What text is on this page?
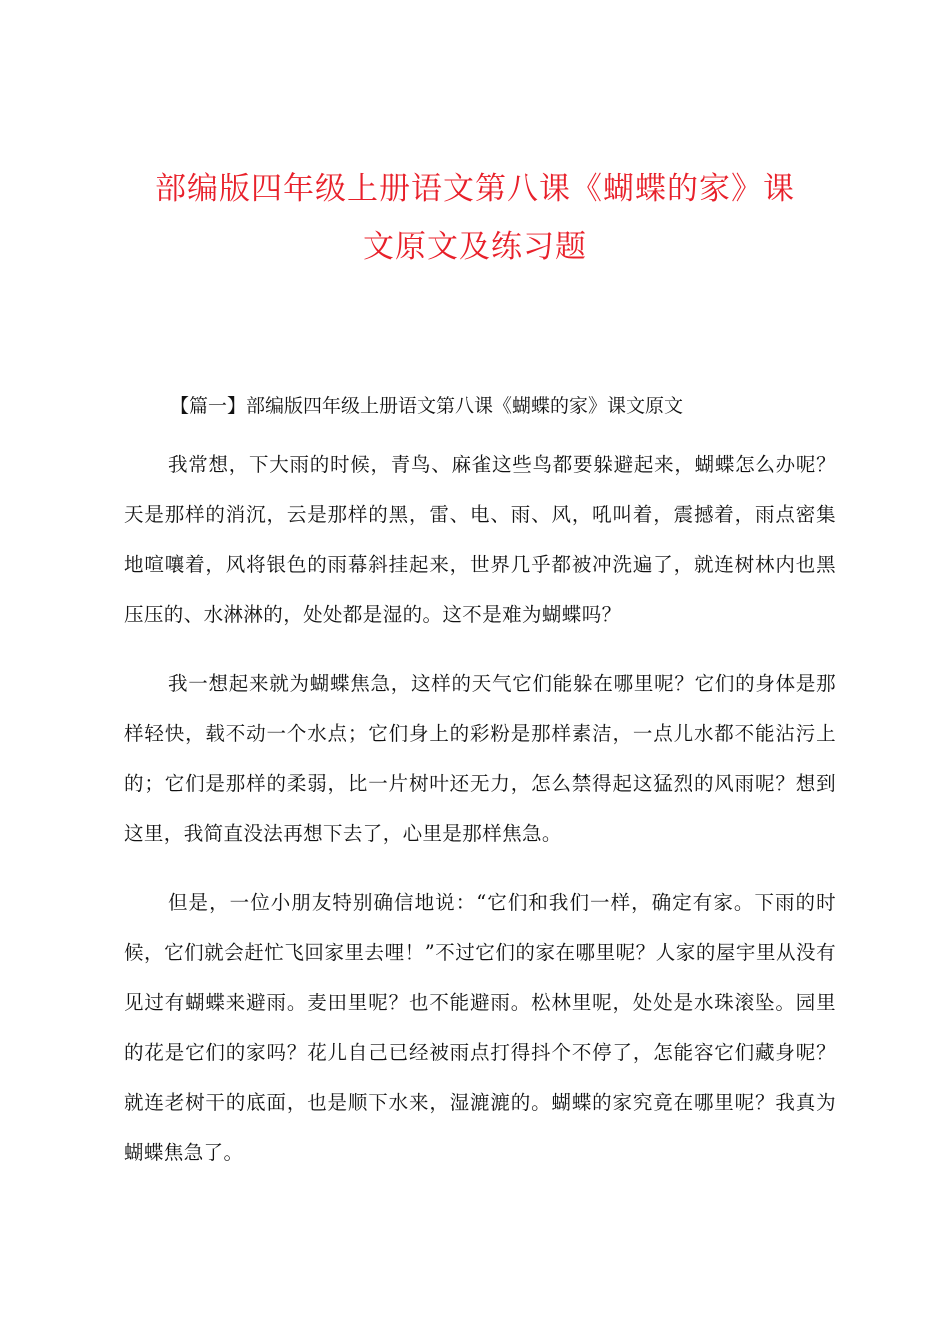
部编版四年级上册语文第八课《蝴蝶的家》课
文原文及练习题

【篇一】部编版四年级上册语文第八课《蝴蝶的家》课文原文

我常想，下大雨的时候，青鸟、麻雀这些鸟都要躲避起来，蝴蝶怎么办呢？天是那样的消沉，云是那样的黑，雷、电、雨、风，吼叫着，震撼着，雨点密集地喧嚷着，风将银色的雨幕斜挂起来，世界几乎都被冲洗遍了，就连树林内也黑压压的、水淋淋的，处处都是湿的。这不是难为蝴蝶吗？

我一想起来就为蝴蝶焦急，这样的天气它们能躲在哪里呢？它们的身体是那样轻快，载不动一个水点；它们身上的彩粉是那样素洁，一点儿水都不能沾污上的；它们是那样的柔弱，比一片树叶还无力，怎么禁得起这猛烈的风雨呢？想到这里，我简直没法再想下去了，心里是那样焦急。

但是，一位小朋友特别确信地说：“它们和我们一样，确定有家。下雨的时候，它们就会赶忙飞回家里去哩！”不过它们的家在哪里呢？人家的屋宇里从没有见过有蝴蝶来避雨。麦田里呢？也不能避雨。松林里呢，处处是水珠滚坠。园里的花是它们的家吗？花儿自己已经被雨点打得抖个不停了，怎能容它们藏身呢？就连老树干的底面，也是顺下水来，湿漉漉的。蝴蝶的家究竟在哪里呢？我真为蝴蝶焦急了。
